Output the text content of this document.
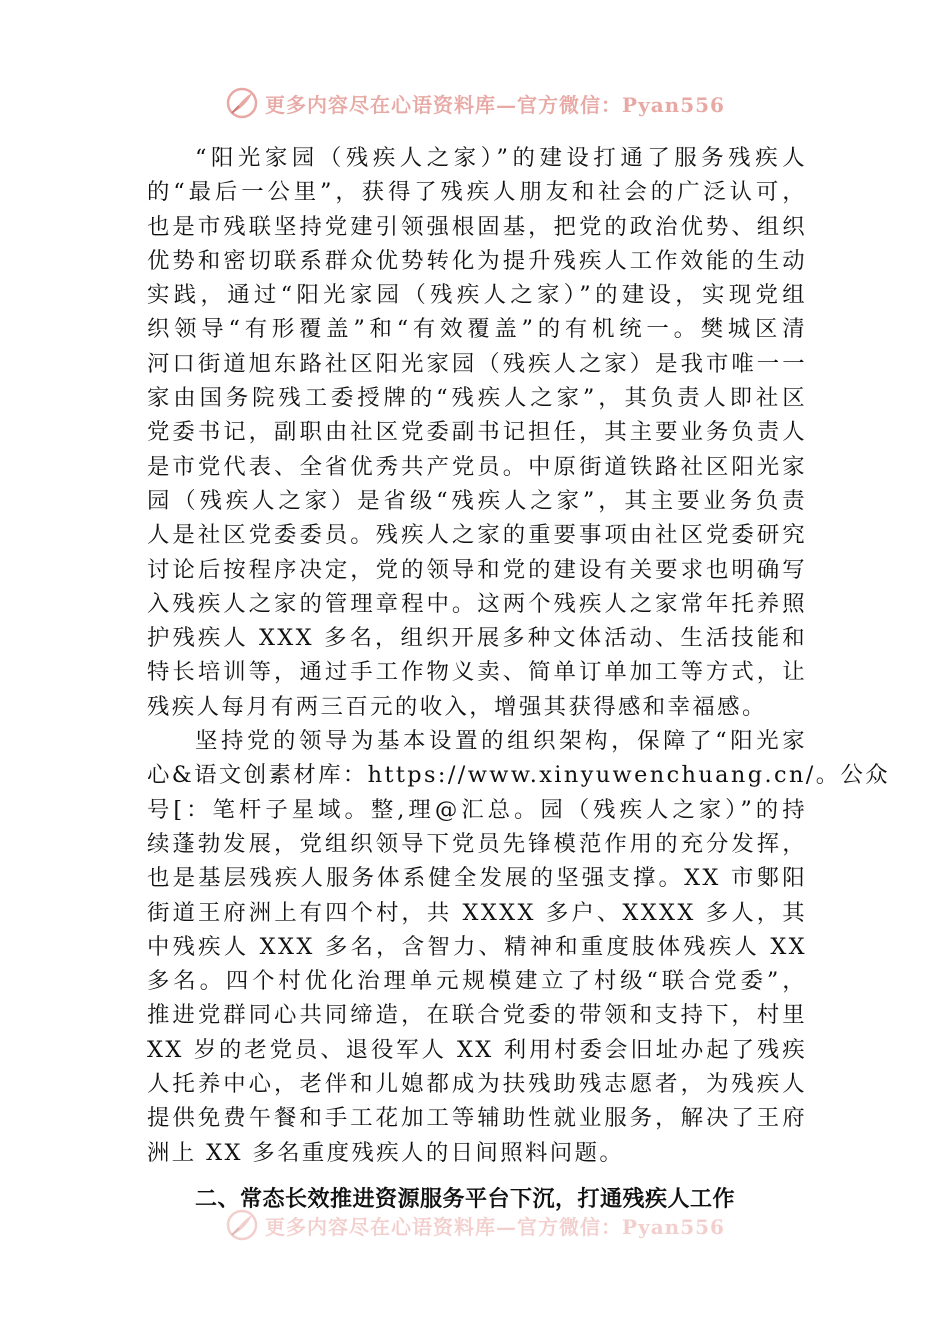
更多内容尽在心语资料库—官方微信：Pyan556
“阳光家园（残疾人之家）”的建设打通了服务残疾人
的“最后一公里”，获得了残疾人朋友和社会的广泛认可，
也是市残联坚持党建引领强根固基，把党的政治优势、组织
优势和密切联系群众优势转化为提升残疾人工作效能的生动
实践，通过“阳光家园（残疾人之家）”的建设，实现党组
织领导“有形覆盖”和“有效覆盖”的有机统一。樊城区清
河口街道旭东路社区阳光家园（残疾人之家）是我市唯一一
家由国务院残工委授牌的“残疾人之家”，其负责人即社区
党委书记，副职由社区党委副书记担任，其主要业务负责人
是市党代表、全省优秀共产党员。中原街道铁路社区阳光家
园（残疾人之家）是省级“残疾人之家”，其主要业务负责
人是社区党委委员。残疾人之家的重要事项由社区党委研究
讨论后按程序决定，党的领导和党的建设有关要求也明确写
入残疾人之家的管理章程中。这两个残疾人之家常年托养照
护残疾人 XXX 多名，组织开展多种文体活动、生活技能和
特长培训等，通过手工作物义卖、简单订单加工等方式，让
残疾人每月有两三百元的收入，增强其获得感和幸福感。
坚持党的领导为基本设置的组织架构，保障了“阳光家
心&语文创素材库：https://www.xinyuwenchuang.cn/。公众
号[：笔杆子星域。整,理@汇总。园（残疾人之家）”的持
续蓬勃发展，党组织领导下党员先锋模范作用的充分发挥，
也是基层残疾人服务体系健全发展的坚强支撑。XX 市鄋阳
街道王府洲上有四个村，共 XXXX 多户、XXXX 多人，其
中残疾人 XXX 多名，含智力、精神和重度肢体残疾人 XX
多名。四个村优化治理单元规模建立了村级“联合党委”，
推进党群同心共同缔造，在联合党委的带领和支持下，村里
XX 岁的老党员、退役军人 XX 利用村委会旧址办起了残疾
人托养中心，老伴和儿媳都成为扶残助残志愿者，为残疾人
提供免费午餐和手工花加工等辅助性就业服务，解决了王府
洲上 XX 多名重度残疾人的日间照料问题。
二、常态长效推进资源服务平台下沉，打通残疾人工作
更多内容尽在心语资料库—官方微信：Pyan556
